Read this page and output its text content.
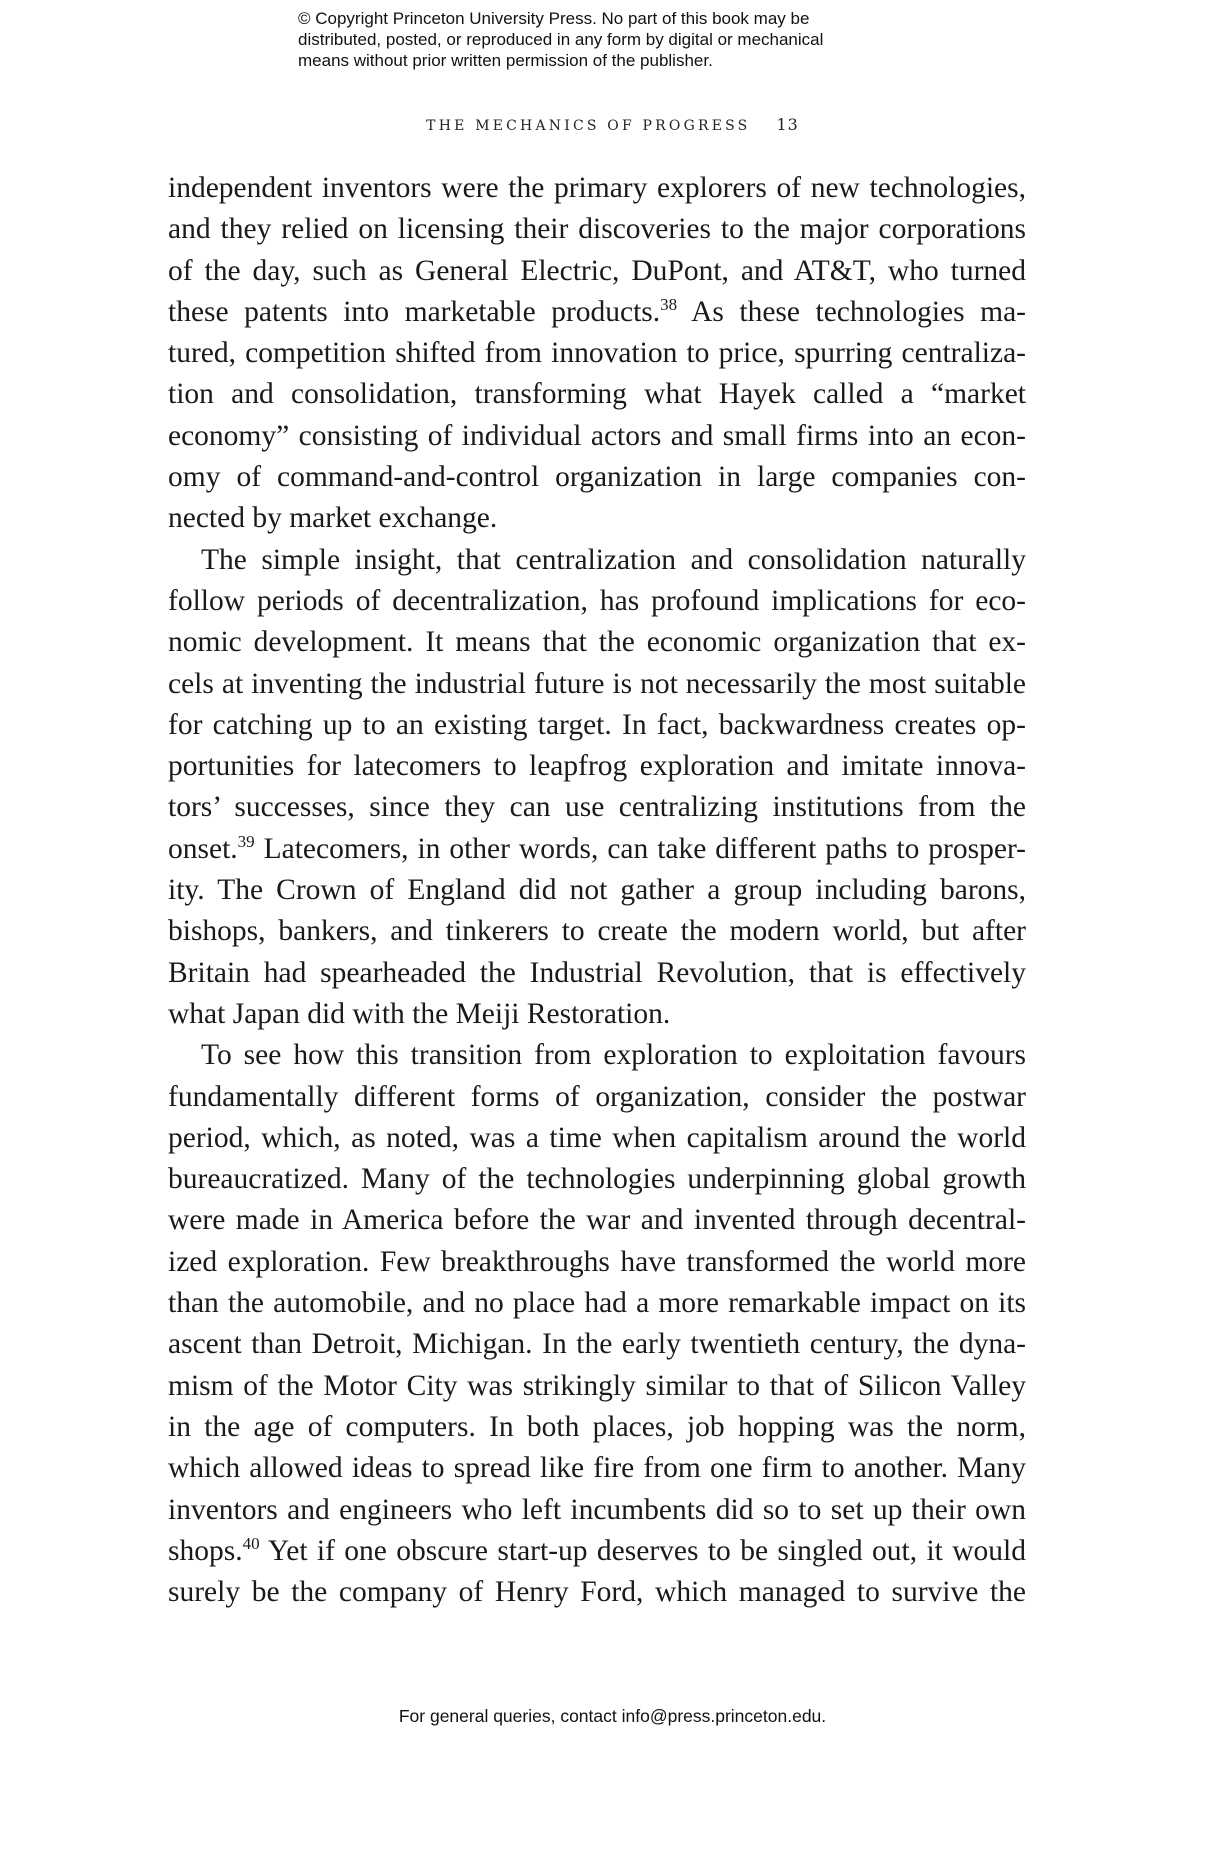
© Copyright Princeton University Press. No part of this book may be
distributed, posted, or reproduced in any form by digital or mechanical
means without prior written permission of the publisher.
THE MECHANICS OF PROGRESS 13
independent inventors were the primary explorers of new technologies,
and they relied on licensing their discoveries to the major corporations
of the day, such as General Electric, DuPont, and AT&T, who turned
these patents into marketable products.$^{38}$ As these technologies ma-
tured, competition shifted from innovation to price, spurring centraliza-
tion and consolidation, transforming what Hayek called a “market
economy” consisting of individual actors and small firms into an econ-
omy of command-and-control organization in large companies con-
nected by market exchange.
The simple insight, that centralization and consolidation naturally
follow periods of decentralization, has profound implications for eco-
nomic development. It means that the economic organization that ex-
cels at inventing the industrial future is not necessarily the most suitable
for catching up to an existing target. In fact, backwardness creates op-
portunities for latecomers to leapfrog exploration and imitate innova-
tors’ successes, since they can use centralizing institutions from the
onset.$^{39}$ Latecomers, in other words, can take different paths to prosper-
ity. The Crown of England did not gather a group including barons,
bishops, bankers, and tinkerers to create the modern world, but after
Britain had spearheaded the Industrial Revolution, that is effectively
what Japan did with the Meiji Restoration.
To see how this transition from exploration to exploitation favours
fundamentally different forms of organization, consider the postwar
period, which, as noted, was a time when capitalism around the world
bureaucratized. Many of the technologies underpinning global growth
were made in America before the war and invented through decentral-
ized exploration. Few breakthroughs have transformed the world more
than the automobile, and no place had a more remarkable impact on its
ascent than Detroit, Michigan. In the early twentieth century, the dyna-
mism of the Motor City was strikingly similar to that of Silicon Valley
in the age of computers. In both places, job hopping was the norm,
which allowed ideas to spread like fire from one firm to another. Many
inventors and engineers who left incumbents did so to set up their own
shops.$^{40}$ Yet if one obscure start-up deserves to be singled out, it would
surely be the company of Henry Ford, which managed to survive the
For general queries, contact info@press.princeton.edu.
